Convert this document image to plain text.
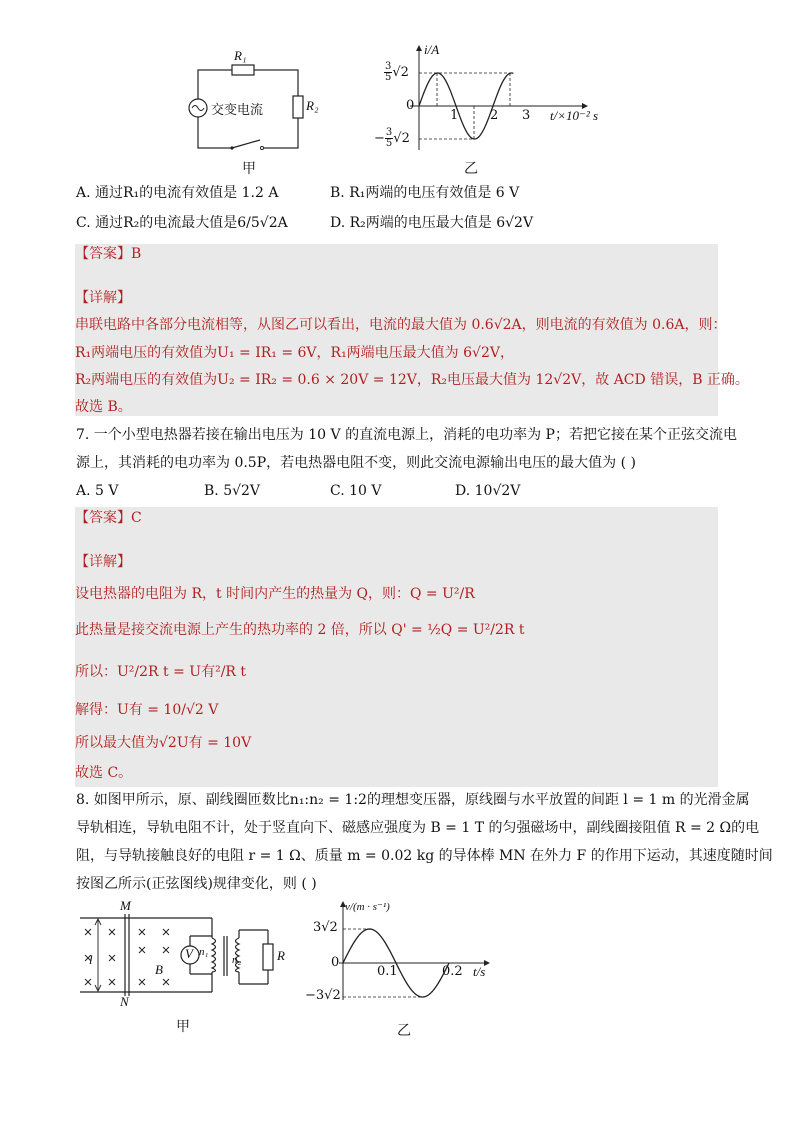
R₁
R₂
交变电流
甲
i/A
$\frac{3}{5} √2$
− $\frac{3}{5} √2$
0
1 2 3 t/×10⁻² s
乙
A. 通过R₁的电流有效值是 1.2 A	B. R₁两端的电压有效值是 6 V
C. 通过R₂的电流最大值是6/5√2A	D. R₂两端的电压最大值是 6√2V
【答案】B
【详解】
串联电路中各部分电流相等，从图乙可以看出，电流的最大值为 0.6√2A，则电流的有效值为 0.6A，则：
R₁两端电压的有效值为U₁ = IR₁ = 6V，R₁两端电压最大值为 6√2V，
R₂两端电压的有效值为U₂ = IR₂ = 0.6 × 20V = 12V，R₂电压最大值为 12√2V，故 ACD 错误，B 正确。
故选 B。
7. 一个小型电热器若接在输出电压为 10 V 的直流电源上，消耗的电功率为 P；若把它接在某个正弦交流电
源上，其消耗的电功率为 0.5P，若电热器电阻不变，则此交流电源输出电压的最大值为 ( )
A. 5 V	B. 5√2V	C. 10 V	D. 10√2V
【答案】C
【详解】
设电热器的电阻为 R，t 时间内产生的热量为 Q，则：Q = U²/R
此热量是接交流电源上产生的热功率的 2 倍，所以 Q' = ½Q = U²/2R t
所以：U²/2R t = U有²/R t
解得：U有 = 10/√2 V
所以最大值为√2U有 = 10V
故选 C。
8. 如图甲所示，原、副线圈匝数比n₁:n₂ = 1:2的理想变压器，原线圈与水平放置的间距 l = 1 m 的光滑金属
导轨相连，导轨电阻不计，处于竖直向下、磁感应强度为 B = 1 T 的匀强磁场中，副线圈接阻值 R = 2 Ω的电
阻，与导轨接触良好的电阻 r = 1 Ω、质量 m = 0.02 kg 的导体棒 MN 在外力 F 的作用下运动，其速度随时间
按图乙所示(正弦图线)规律变化，则 ( )
M
N
l
B
V n₁
n₂	R
甲
v/(m · s⁻¹)
3√2
−3√2
0
0.1	0.2 t/s
乙
